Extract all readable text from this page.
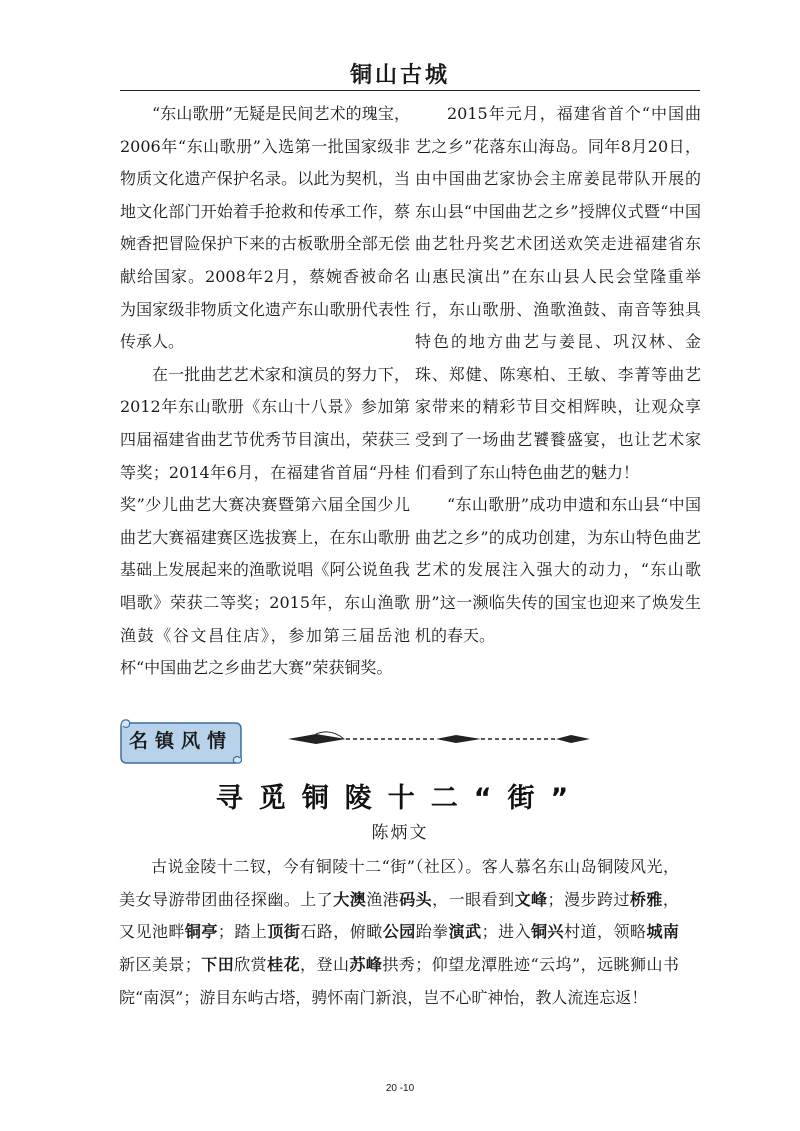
铜山古城

“东山歌册”无疑是民间艺术的瑰宝，2006年“东山歌册”入选第一批国家级非物质文化遗产保护名录。以此为契机，当地文化部门开始着手抢救和传承工作，蔡婉香把冒险保护下来的古板歌册全部无偿献给国家。2008年2月，蔡婉香被命名为国家级非物质文化遗产东山歌册代表性传承人。

在一批曲艺艺术家和演员的努力下，2012年东山歌册《东山十八景》参加第四届福建省曲艺节优秀节目演出，荣获三等奖；2014年6月，在福建省首届“丹桂奖”少儿曲艺大赛决赛暨第六届全国少儿曲艺大赛福建赛区选拔赛上，在东山歌册基础上发展起来的渔歌说唱《阿公说鱼我唱歌》荣获二等奖；2015年，东山渔歌渔鼓《谷文昌住店》，参加第三届岳池杯“中国曲艺之乡曲艺大赛”荣获铜奖。

2015年元月，福建省首个“中国曲艺之乡”花落东山海岛。同年8月20日，由中国曲艺家协会主席姜昆带队开展的东山县“中国曲艺之乡”授牌仪式暨“中国曲艺牡丹奖艺术团送欢笑走进福建省东山惠民演出”在东山县人民会堂隆重举行，东山歌册、渔歌渔鼓、南音等独具特色的地方曲艺与姜昆、巩汉林、金珠、郑健、陈寒柏、王敏、李菁等曲艺家带来的精彩节目交相辉映，让观众享受到了一场曲艺饕餮盛宴，也让艺术家们看到了东山特色曲艺的魅力！

“东山歌册”成功申遗和东山县“中国曲艺之乡”的成功创建，为东山特色曲艺艺术的发展注入强大的动力，“东山歌册”这一濒临失传的国宝也迎来了焕发生机的春天。

名镇风情
寻觅铜陵十二“街”
陈炳文

古说金陵十二钗，今有铜陵十二“街”（社区）。客人慕名东山岛铜陵风光，美女导游带团曲径探幽。上了大澳渔港码头，一眼看到文峰；漫步跨过桥雅，又见池畔铜亭；踏上顶街石路，俯瞰公园跆拳演武；进入铜兴村道，领略城南新区美景；下田欣赏桂花，登山苏峰拱秀；仰望龙潭胜迹“云坞”，远眺狮山书院“南溟”；游目东屿古塔，骋怀南门新浪，岂不心旷神怡，教人流连忘返！

20 -10
